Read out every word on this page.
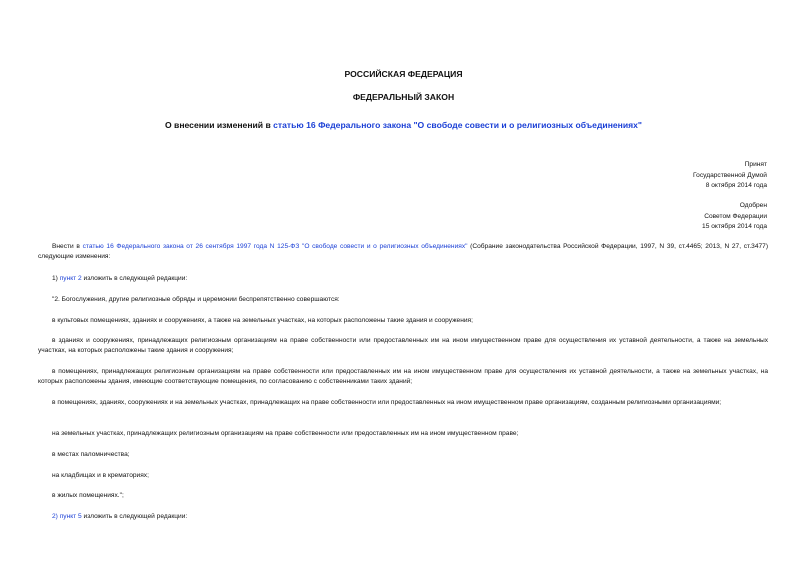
РОССИЙСКАЯ ФЕДЕРАЦИЯ
ФЕДЕРАЛЬНЫЙ ЗАКОН
О внесении изменений в статью 16 Федерального закона "О свободе совести и о религиозных объединениях"
Принят
Государственной Думой
8 октября 2014 года
Одобрен
Советом Федерации
15 октября 2014 года
Внести в статью 16 Федерального закона от 26 сентября 1997 года N 125-ФЗ "О свободе совести и о религиозных объединениях" (Собрание законодательства Российской Федерации, 1997, N 39, ст.4465; 2013, N 27, ст.3477) следующие изменения:
1) пункт 2 изложить в следующей редакции:
"2. Богослужения, другие религиозные обряды и церемонии беспрепятственно совершаются:
в культовых помещениях, зданиях и сооружениях, а также на земельных участках, на которых расположены такие здания и сооружения;
в зданиях и сооружениях, принадлежащих религиозным организациям на праве собственности или предоставленных им на ином имущественном праве для осуществления их уставной деятельности, а также на земельных участках, на которых расположены такие здания и сооружения;
в помещениях, принадлежащих религиозным организациям на праве собственности или предоставленных им на ином имущественном праве для осуществления их уставной деятельности, а также на земельных участках, на которых расположены здания, имеющие соответствующие помещения, по согласованию с собственниками таких зданий;
в помещениях, зданиях, сооружениях и на земельных участках, принадлежащих на праве собственности или предоставленных на ином имущественном праве организациям, созданным религиозными организациями;
на земельных участках, принадлежащих религиозным организациям на праве собственности или предоставленных им на ином имущественном праве;
в местах паломничества;
на кладбищах и в крематориях;
в жилых помещениях.";
2) пункт 5 изложить в следующей редакции:
